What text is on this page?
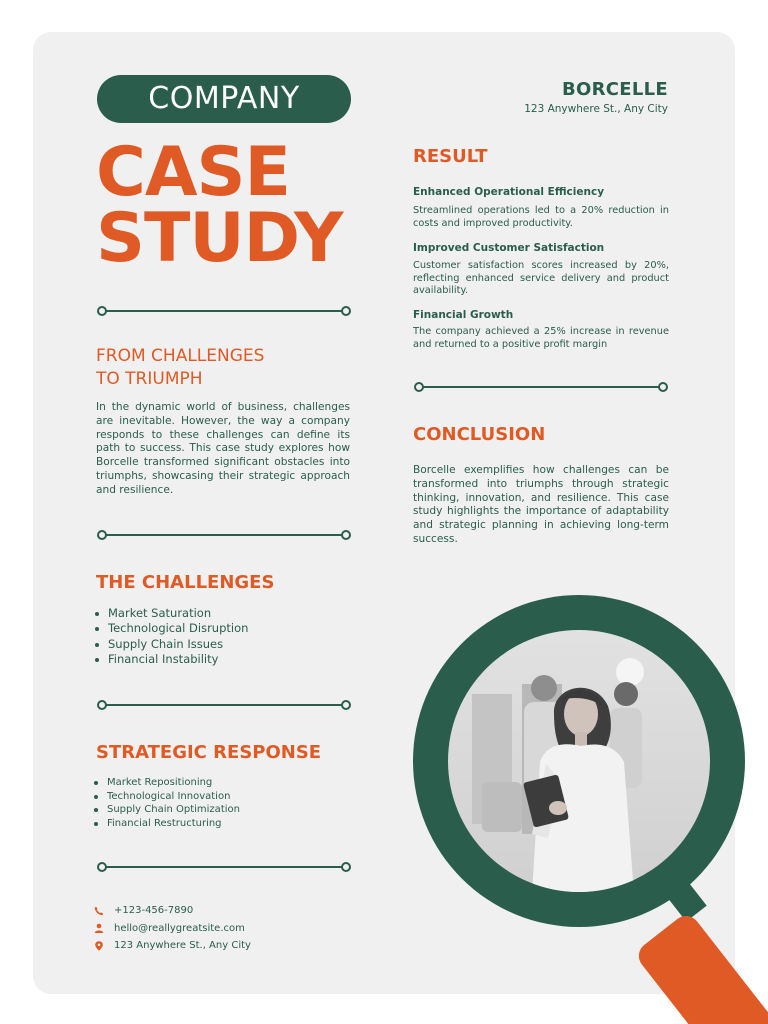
COMPANY
CASE
STUDY
FROM CHALLENGES
TO TRIUMPH

In the dynamic world of business, challenges are inevitable. However, the way a company responds to these challenges can define its path to success. This case study explores how Borcelle transformed significant obstacles into triumphs, showcasing their strategic approach and resilience.

THE CHALLENGES
Market Saturation
Technological Disruption
Supply Chain Issues
Financial Instability
STRATEGIC RESPONSE
Market Repositioning
Technological Innovation
Supply Chain Optimization
Financial Restructuring
+123-456-7890
hello@reallygreatsite.com
123 Anywhere St., Any City
BORCELLE
123 Anywhere St., Any City
RESULT
Enhanced Operational Efficiency

Streamlined operations led to a 20% reduction in costs and improved productivity.

Improved Customer Satisfaction

Customer satisfaction scores increased by 20%, reflecting enhanced service delivery and product availability.

Financial Growth

The company achieved a 25% increase in revenue and returned to a positive profit margin

CONCLUSION

Borcelle exemplifies how challenges can be transformed into triumphs through strategic thinking, innovation, and resilience. This case study highlights the importance of adaptability and strategic planning in achieving long-term success.
